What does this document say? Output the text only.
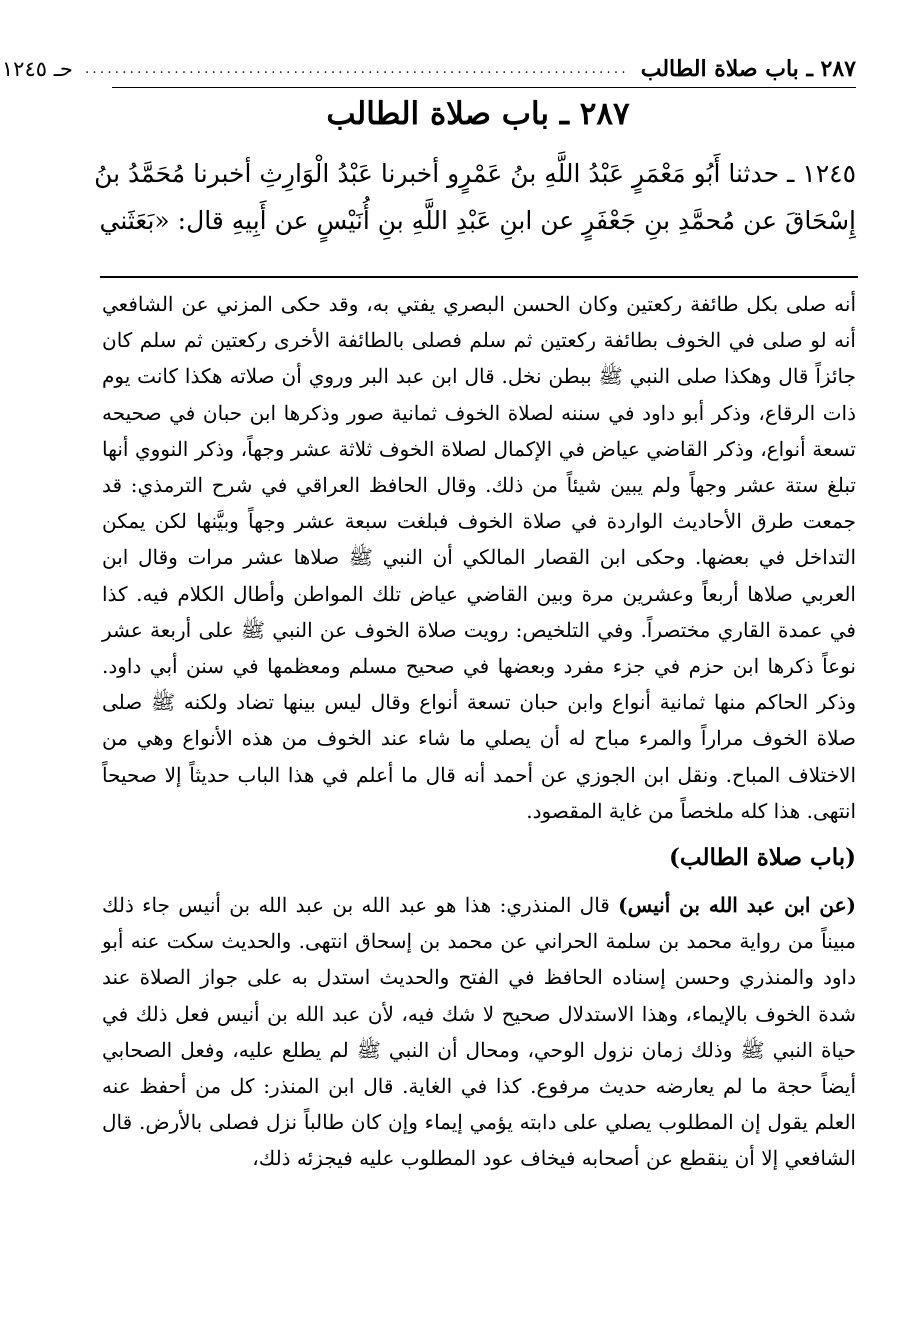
٢٨٧ ـ باب صلاة الطالب
.........................................................................
حـ ١٢٤٥
٢٨٧ ـ باب صلاة الطالب
١٢٤٥ ـ حدثنا أَبُو مَعْمَرٍ عَبْدُ اللَّهِ بنُ عَمْرٍو أخبرنا عَبْدُ الْوَارِثِ أخبرنا مُحَمَّدُ بنُ
إِسْحَاقَ عن مُحمَّدِ بنِ جَعْفَرٍ عن ابنِ عَبْدِ اللَّهِ بنِ أُنَيْسٍ عن أَبِيهِ قال: «بَعَثَني

أنه صلى بكل طائفة ركعتين وكان الحسن البصري يفتي به، وقد حكى المزني عن الشافعي أنه لو صلى في الخوف بطائفة ركعتين ثم سلم فصلى بالطائفة الأخرى ركعتين ثم سلم كان جائزاً قال وهكذا صلى النبي ﷺ ببطن نخل. قال ابن عبد البر وروي أن صلاته هكذا كانت يوم ذات الرقاع، وذكر أبو داود في سننه لصلاة الخوف ثمانية صور وذكرها ابن حبان في صحيحه تسعة أنواع، وذكر القاضي عياض في الإكمال لصلاة الخوف ثلاثة عشر وجهاً، وذكر النووي أنها تبلغ ستة عشر وجهاً ولم يبين شيئاً من ذلك. وقال الحافظ العراقي في شرح الترمذي: قد جمعت طرق الأحاديث الواردة في صلاة الخوف فبلغت سبعة عشر وجهاً وبيَّنها لكن يمكن التداخل في بعضها. وحكى ابن القصار المالكي أن النبي ﷺ صلاها عشر مرات وقال ابن العربي صلاها أربعاً وعشرين مرة وبين القاضي عياض تلك المواطن وأطال الكلام فيه. كذا في عمدة القاري مختصراً. وفي التلخيص: رويت صلاة الخوف عن النبي ﷺ على أربعة عشر نوعاً ذكرها ابن حزم في جزء مفرد وبعضها في صحيح مسلم ومعظمها في سنن أبي داود. وذكر الحاكم منها ثمانية أنواع وابن حبان تسعة أنواع وقال ليس بينها تضاد ولكنه ﷺ صلى صلاة الخوف مراراً والمرء مباح له أن يصلي ما شاء عند الخوف من هذه الأنواع وهي من الاختلاف المباح. ونقل ابن الجوزي عن أحمد أنه قال ما أعلم في هذا الباب حديثاً إلا صحيحاً انتهى. هذا كله ملخصاً من غاية المقصود.

(باب صلاة الطالب)

(عن ابن عبد الله بن أنيس) قال المنذري: هذا هو عبد الله بن عبد الله بن أنيس جاء ذلك مبيناً من رواية محمد بن سلمة الحراني عن محمد بن إسحاق انتهى. والحديث سكت عنه أبو داود والمنذري وحسن إسناده الحافظ في الفتح والحديث استدل به على جواز الصلاة عند شدة الخوف بالإيماء، وهذا الاستدلال صحيح لا شك فيه، لأن عبد الله بن أنيس فعل ذلك في حياة النبي ﷺ وذلك زمان نزول الوحي، ومحال أن النبي ﷺ لم يطلع عليه، وفعل الصحابي أيضاً حجة ما لم يعارضه حديث مرفوع. كذا في الغاية. قال ابن المنذر: كل من أحفظ عنه العلم يقول إن المطلوب يصلي على دابته يؤمي إيماء وإن كان طالباً نزل فصلى بالأرض. قال الشافعي إلا أن ينقطع عن أصحابه فيخاف عود المطلوب عليه فيجزئه ذلك،
